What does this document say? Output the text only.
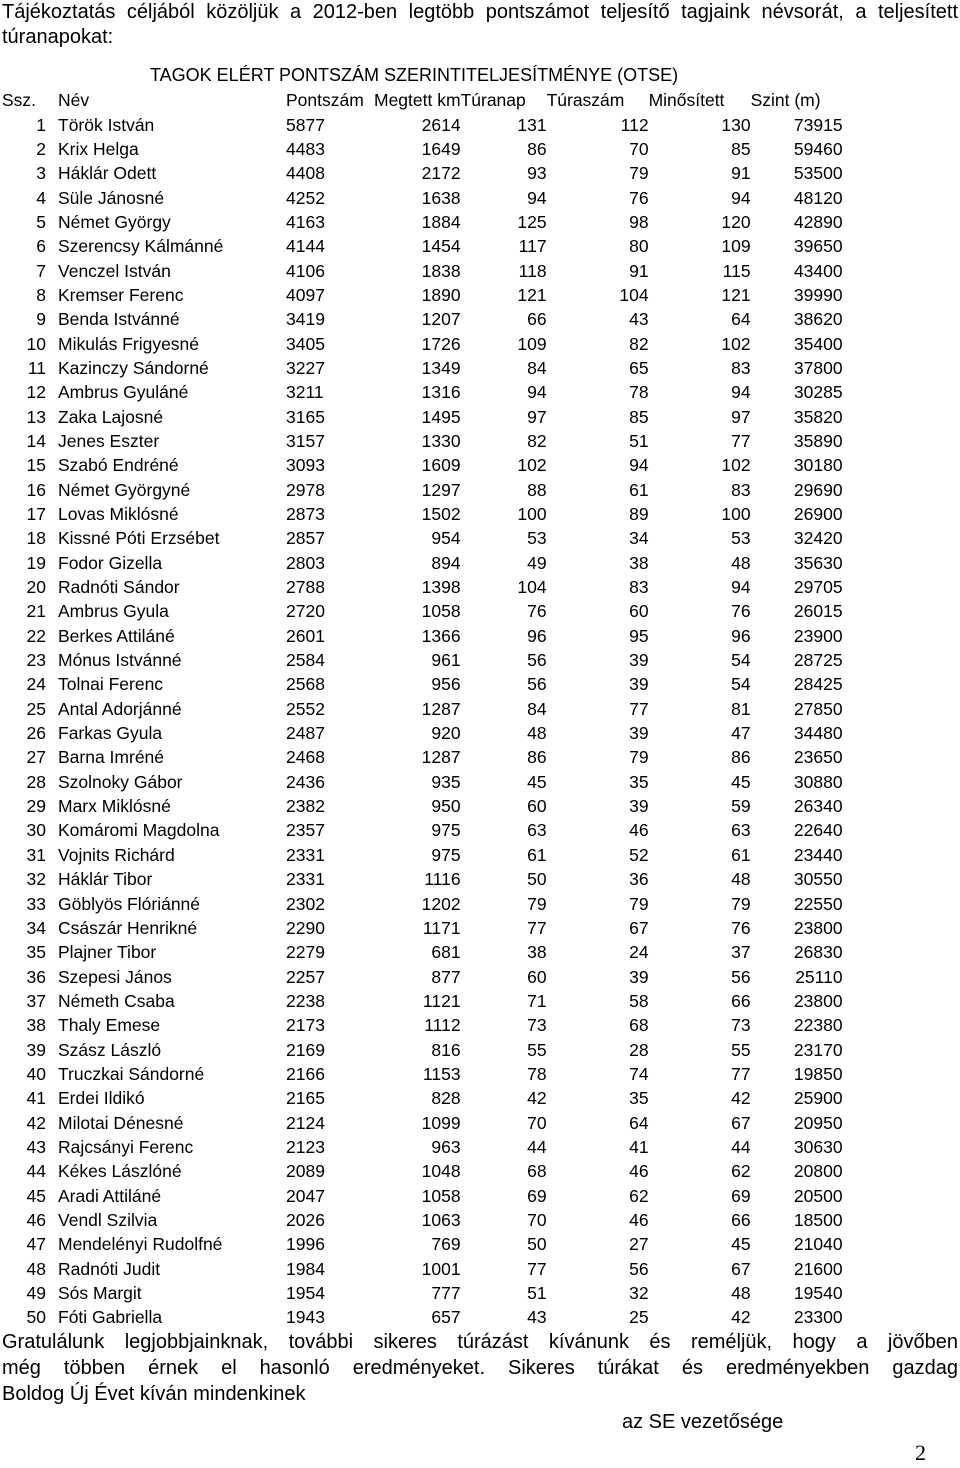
Tájékoztatás céljából közöljük a 2012-ben legtöbb pontszámot teljesítő tagjaink névsorát, a teljesített túranapokat:
TAGOK ELÉRT PONTSZÁM SZERINTITELJESÍTMÉNYE (OTSE)
Ssz.	Név	Pontszám	Megtett km	Túranap	Túraszám	Minősített	Szint (m)
1	Török István	5877	2614	131	112	130	73915
2	Krix Helga	4483	1649	86	70	85	59460
3	Háklár Odett	4408	2172	93	79	91	53500
4	Süle Jánosné	4252	1638	94	76	94	48120
5	Német György	4163	1884	125	98	120	42890
6	Szerencsy Kálmánné	4144	1454	117	80	109	39650
7	Venczel István	4106	1838	118	91	115	43400
8	Kremser Ferenc	4097	1890	121	104	121	39990
9	Benda Istvánné	3419	1207	66	43	64	38620
10	Mikulás Frigyesné	3405	1726	109	82	102	35400
11	Kazinczy Sándorné	3227	1349	84	65	83	37800
12	Ambrus Gyuláné	3211	1316	94	78	94	30285
13	Zaka Lajosné	3165	1495	97	85	97	35820
14	Jenes Eszter	3157	1330	82	51	77	35890
15	Szabó Endréné	3093	1609	102	94	102	30180
16	Német Györgyné	2978	1297	88	61	83	29690
17	Lovas Miklósné	2873	1502	100	89	100	26900
18	Kissné Póti Erzsébet	2857	954	53	34	53	32420
19	Fodor Gizella	2803	894	49	38	48	35630
20	Radnóti Sándor	2788	1398	104	83	94	29705
21	Ambrus Gyula	2720	1058	76	60	76	26015
22	Berkes Attiláné	2601	1366	96	95	96	23900
23	Mónus Istvánné	2584	961	56	39	54	28725
24	Tolnai Ferenc	2568	956	56	39	54	28425
25	Antal Adorjánné	2552	1287	84	77	81	27850
26	Farkas Gyula	2487	920	48	39	47	34480
27	Barna Imréné	2468	1287	86	79	86	23650
28	Szolnoky Gábor	2436	935	45	35	45	30880
29	Marx Miklósné	2382	950	60	39	59	26340
30	Komáromi Magdolna	2357	975	63	46	63	22640
31	Vojnits Richárd	2331	975	61	52	61	23440
32	Háklár Tibor	2331	1116	50	36	48	30550
33	Göblyös Flóriánné	2302	1202	79	79	79	22550
34	Császár Henrikné	2290	1171	77	67	76	23800
35	Plajner Tibor	2279	681	38	24	37	26830
36	Szepesi János	2257	877	60	39	56	25110
37	Németh Csaba	2238	1121	71	58	66	23800
38	Thaly Emese	2173	1112	73	68	73	22380
39	Szász László	2169	816	55	28	55	23170
40	Truczkai Sándorné	2166	1153	78	74	77	19850
41	Erdei Ildikó	2165	828	42	35	42	25900
42	Milotai Dénesné	2124	1099	70	64	67	20950
43	Rajcsányi Ferenc	2123	963	44	41	44	30630
44	Kékes Lászlóné	2089	1048	68	46	62	20800
45	Aradi Attiláné	2047	1058	69	62	69	20500
46	Vendl Szilvia	2026	1063	70	46	66	18500
47	Mendelényi Rudolfné	1996	769	50	27	45	21040
48	Radnóti Judit	1984	1001	77	56	67	21600
49	Sós Margit	1954	777	51	32	48	19540
50	Fóti Gabriella	1943	657	43	25	42	23300
Gratulálunk legjobbjainknak, további sikeres túrázást kívánunk és reméljük, hogy a jövőben
még többen érnek el hasonló eredményeket. Sikeres túrákat és eredményekben gazdag
Boldog Új Évet kíván mindenkinek
az SE vezetősége
2
